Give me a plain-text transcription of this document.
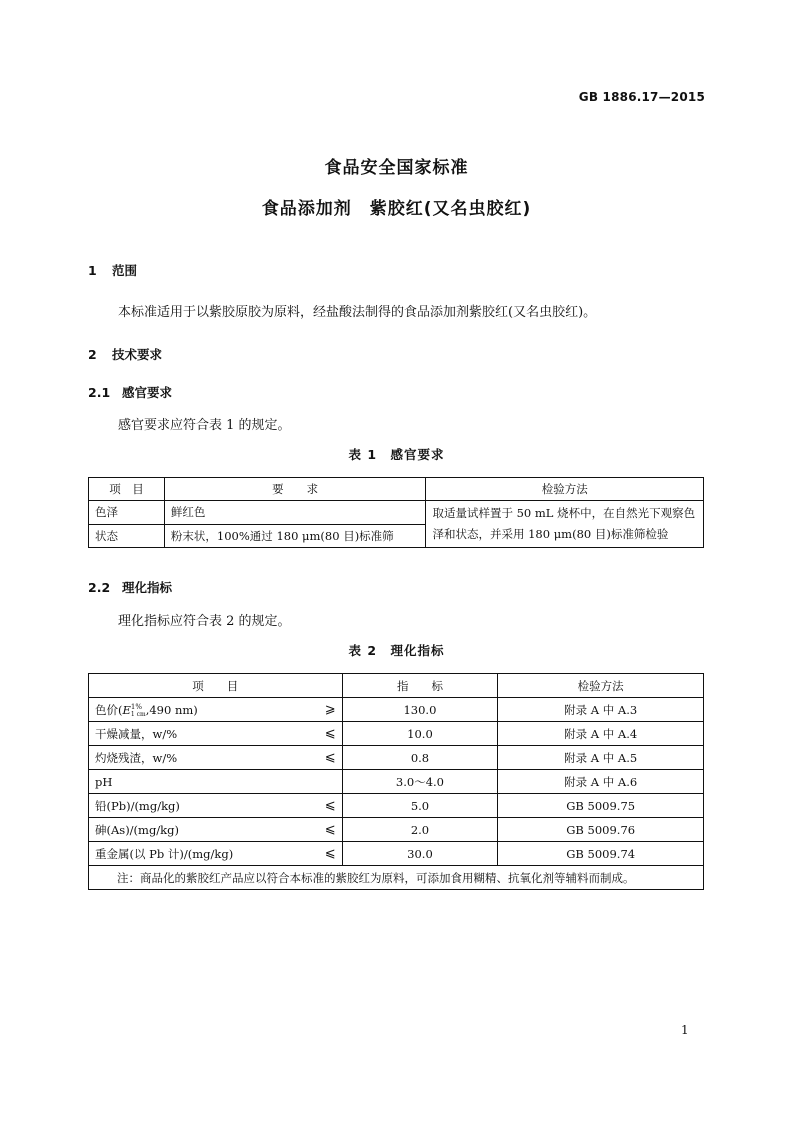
GB 1886.17—2015
食品安全国家标准
食品添加剂　紫胶红(又名虫胶红)
1 范围
本标准适用于以紫胶原胶为原料，经盐酸法制得的食品添加剂紫胶红(又名虫胶红)。
2 技术要求
2.1 感官要求
感官要求应符合表 1 的规定。
表 1　感官要求
项　目	要　　求	检验方法
色泽	鲜红色	取适量试样置于 50 mL 烧杯中，在自然光下观察色泽和状态，并采用 180 μm(80 目)标准筛检验
状态	粉末状，100%通过 180 μm(80 目)标准筛	
2.2 理化指标
理化指标应符合表 2 的规定。
表 2　理化指标
项　　目	指　　标	检验方法
色价(E 1%
1 cm ,490 nm) ⩾	130.0	附录 A 中 A.3
干燥减量，w/% ⩽	10.0	附录 A 中 A.4
灼烧残渣，w/% ⩽	0.8	附录 A 中 A.5
pH	3.0～4.0	附录 A 中 A.6
铅(Pb)/(mg/kg) ⩽	5.0	GB 5009.75
砷(As)/(mg/kg) ⩽	2.0	GB 5009.76
重金属(以 Pb 计)/(mg/kg) ⩽	30.0	GB 5009.74
注：商品化的紫胶红产品应以符合本标准的紫胶红为原料，可添加食用糊精、抗氧化剂等辅料而制成。		
1
